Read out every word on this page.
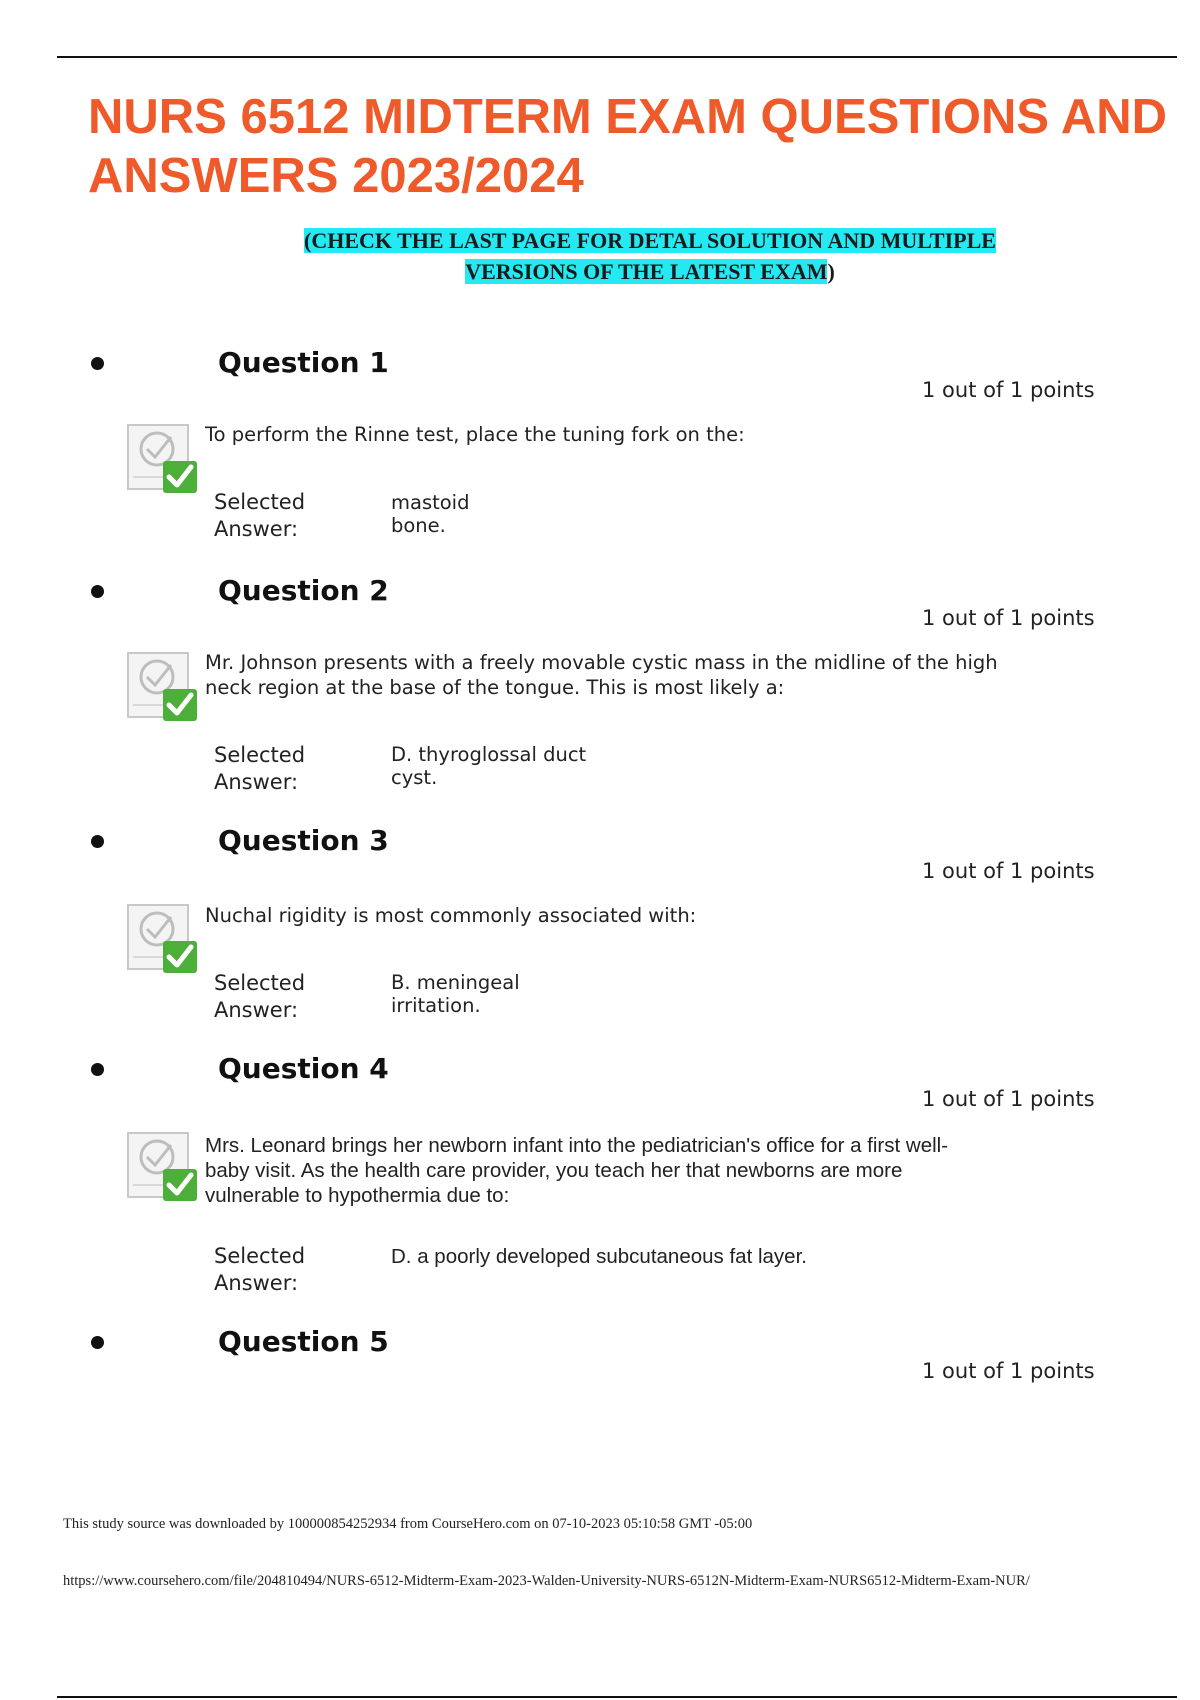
NURS 6512 MIDTERM EXAM QUESTIONS AND ANSWERS 2023/2024
(CHECK THE LAST PAGE FOR DETAL SOLUTION AND MULTIPLE
VERSIONS OF THE LATEST EXAM)
Question 1
1 out of 1 points
To perform the Rinne test, place the tuning fork on the:
Selected
Answer:
mastoid
bone.
Question 2
1 out of 1 points
Mr. Johnson presents with a freely movable cystic mass in the midline of the high
neck region at the base of the tongue. This is most likely a:
Selected
Answer:
D. thyroglossal duct
cyst.
Question 3
1 out of 1 points
Nuchal rigidity is most commonly associated with:
Selected
Answer:
B. meningeal
irritation.
Question 4
1 out of 1 points
Mrs. Leonard brings her newborn infant into the pediatrician's office for a first well-
baby visit. As the health care provider, you teach her that newborns are more
vulnerable to hypothermia due to:
Selected
Answer:
D. a poorly developed subcutaneous fat layer.
Question 5
1 out of 1 points
This study source was downloaded by 100000854252934 from CourseHero.com on 07-10-2023 05:10:58 GMT -05:00
https://www.coursehero.com/file/204810494/NURS-6512-Midterm-Exam-2023-Walden-University-NURS-6512N-Midterm-Exam-NURS6512-Midterm-Exam-NUR/
